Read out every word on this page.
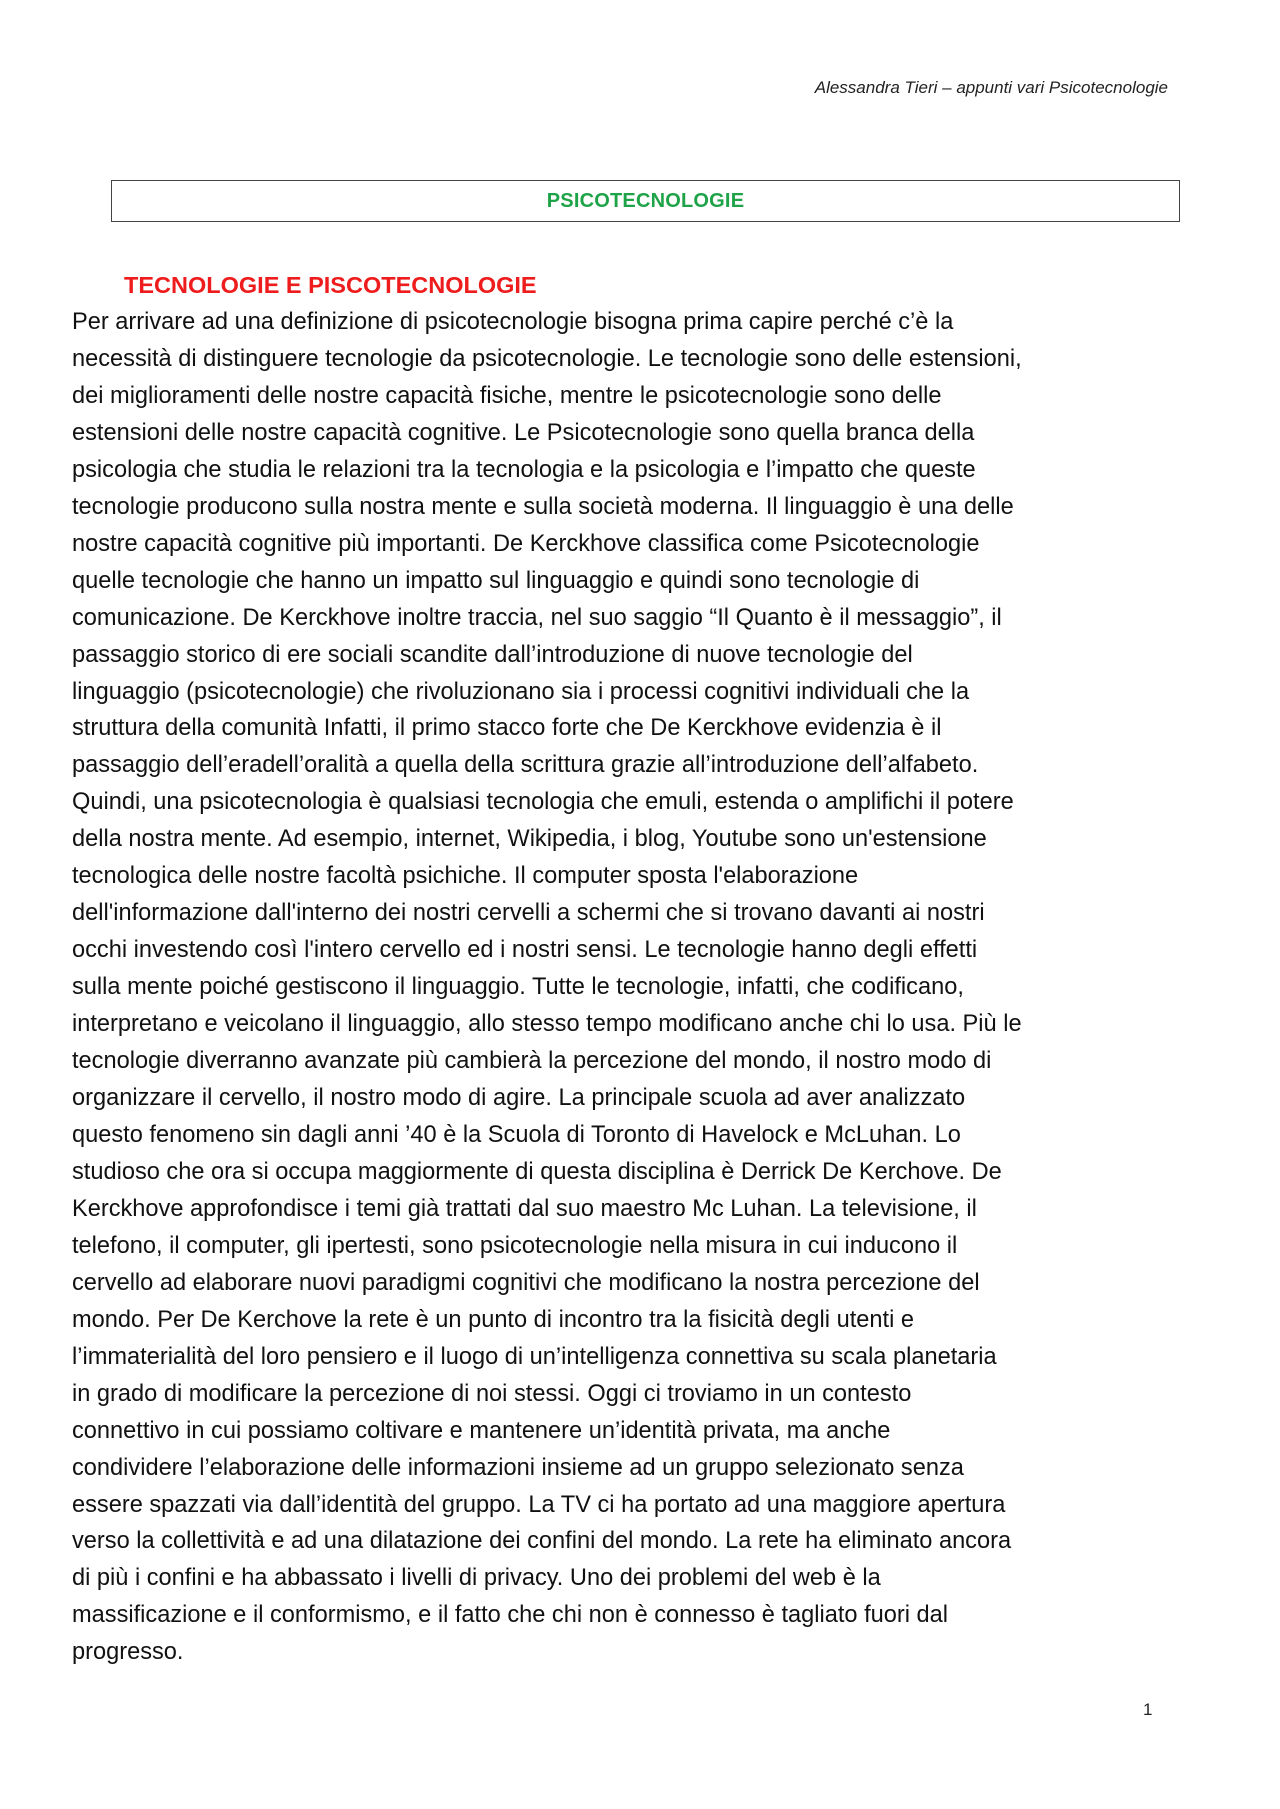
Alessandra Tieri – appunti vari Psicotecnologie
PSICOTECNOLOGIE
TECNOLOGIE E PISCOTECNOLOGIE
Per arrivare ad una definizione di psicotecnologie bisogna prima capire perché c’è la
necessità di distinguere tecnologie da psicotecnologie. Le tecnologie sono delle estensioni,
dei miglioramenti delle nostre capacità fisiche, mentre le psicotecnologie sono delle
estensioni delle nostre capacità cognitive. Le Psicotecnologie sono quella branca della
psicologia che studia le relazioni tra la tecnologia e la psicologia e l’impatto che queste
tecnologie producono sulla nostra mente e sulla società moderna. Il linguaggio è una delle
nostre capacità cognitive più importanti. De Kerckhove classifica come Psicotecnologie
quelle tecnologie che hanno un impatto sul linguaggio e quindi sono tecnologie di
comunicazione. De Kerckhove inoltre traccia, nel suo saggio “Il Quanto è il messaggio”, il
passaggio storico di ere sociali scandite dall’introduzione di nuove tecnologie del
linguaggio (psicotecnologie) che rivoluzionano sia i processi cognitivi individuali che la
struttura della comunità Infatti, il primo stacco forte che De Kerckhove evidenzia è il
passaggio dell’eradell’oralità a quella della scrittura grazie all’introduzione dell’alfabeto.
Quindi, una psicotecnologia è qualsiasi tecnologia che emuli, estenda o amplifichi il potere
della nostra mente. Ad esempio, internet, Wikipedia, i blog, Youtube sono un'estensione
tecnologica delle nostre facoltà psichiche. Il computer sposta l'elaborazione
dell'informazione dall'interno dei nostri cervelli a schermi che si trovano davanti ai nostri
occhi investendo così l'intero cervello ed i nostri sensi. Le tecnologie hanno degli effetti
sulla mente poiché gestiscono il linguaggio. Tutte le tecnologie, infatti, che codificano,
interpretano e veicolano il linguaggio, allo stesso tempo modificano anche chi lo usa. Più le
tecnologie diverranno avanzate più cambierà la percezione del mondo, il nostro modo di
organizzare il cervello, il nostro modo di agire. La principale scuola ad aver analizzato
questo fenomeno sin dagli anni ’40 è la Scuola di Toronto di Havelock e McLuhan. Lo
studioso che ora si occupa maggiormente di questa disciplina è Derrick De Kerchove. De
Kerckhove approfondisce i temi già trattati dal suo maestro Mc Luhan. La televisione, il
telefono, il computer, gli ipertesti, sono psicotecnologie nella misura in cui inducono il
cervello ad elaborare nuovi paradigmi cognitivi che modificano la nostra percezione del
mondo. Per De Kerchove la rete è un punto di incontro tra la fisicità degli utenti e
l’immaterialità del loro pensiero e il luogo di un’intelligenza connettiva su scala planetaria
in grado di modificare la percezione di noi stessi. Oggi ci troviamo in un contesto
connettivo in cui possiamo coltivare e mantenere un’identità privata, ma anche
condividere l’elaborazione delle informazioni insieme ad un gruppo selezionato senza
essere spazzati via dall’identità del gruppo. La TV ci ha portato ad una maggiore apertura
verso la collettività e ad una dilatazione dei confini del mondo. La rete ha eliminato ancora
di più i confini e ha abbassato i livelli di privacy. Uno dei problemi del web è la
massificazione e il conformismo, e il fatto che chi non è connesso è tagliato fuori dal
progresso.
1
